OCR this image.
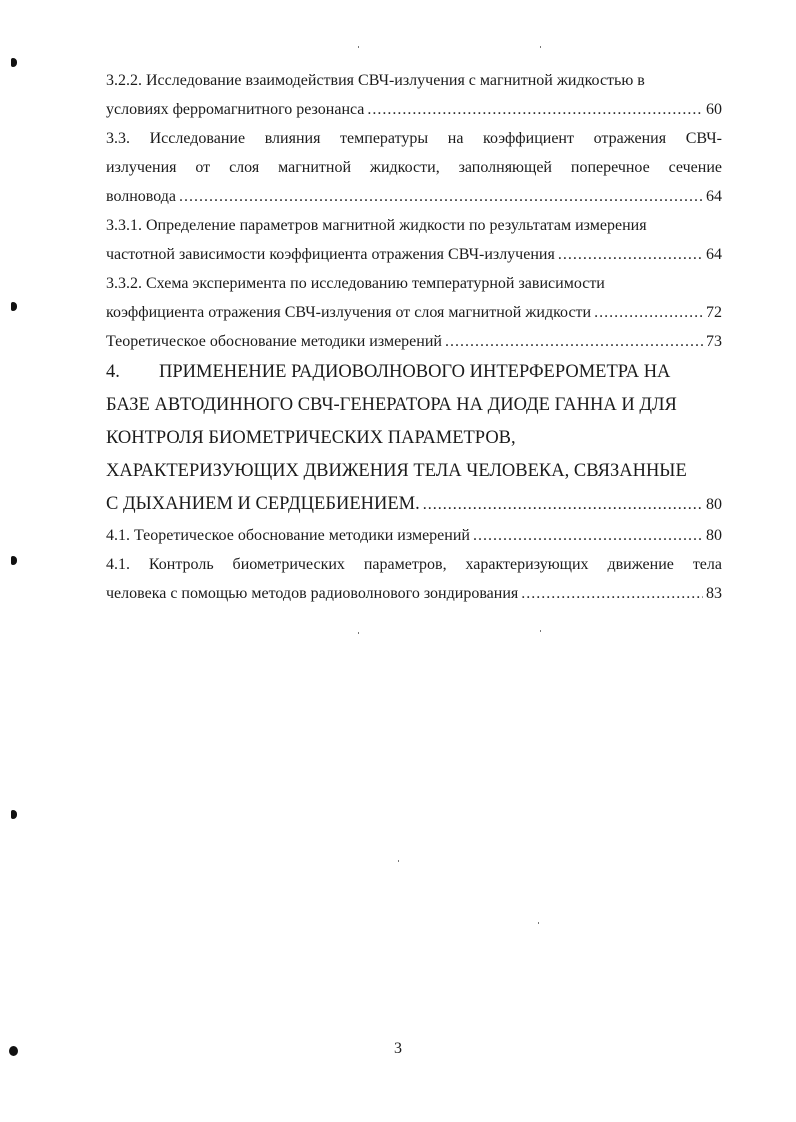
3.2.2. Исследование взаимодействия СВЧ-излучения с магнитной жидкостью в
условиях ферромагнитного резонанса .....	60
3.3. Исследование влияния температуры на коэффициент отражения СВЧ-
излучения от слоя магнитной жидкости, заполняющей поперечное сечение
волновода .....	64
3.3.1. Определение параметров магнитной жидкости по результатам измерения
частотной зависимости коэффициента отражения СВЧ-излучения .....	64
3.3.2. Схема эксперимента по исследованию температурной зависимости
коэффициента отражения СВЧ-излучения от слоя магнитной жидкости .....	72
Теоретическое обоснование методики измерений .....	73
4. ПРИМЕНЕНИЕ РАДИОВОЛНОВОГО ИНТЕРФЕРОМЕТРА НА
БАЗЕ АВТОДИННОГО СВЧ-ГЕНЕРАТОРА НА ДИОДЕ ГАННА И ДЛЯ
КОНТРОЛЯ БИОМЕТРИЧЕСКИХ ПАРАМЕТРОВ,
ХАРАКТЕРИЗУЮЩИХ ДВИЖЕНИЯ ТЕЛА ЧЕЛОВЕКА, СВЯЗАННЫЕ
С ДЫХАНИЕМ И СЕРДЦЕБИЕНИЕМ. .....	80
4.1. Теоретическое обоснование методики измерений .....	80
4.1. Контроль биометрических параметров, характеризующих движение тела
человека с помощью методов радиоволнового зондирования .....	83
3
